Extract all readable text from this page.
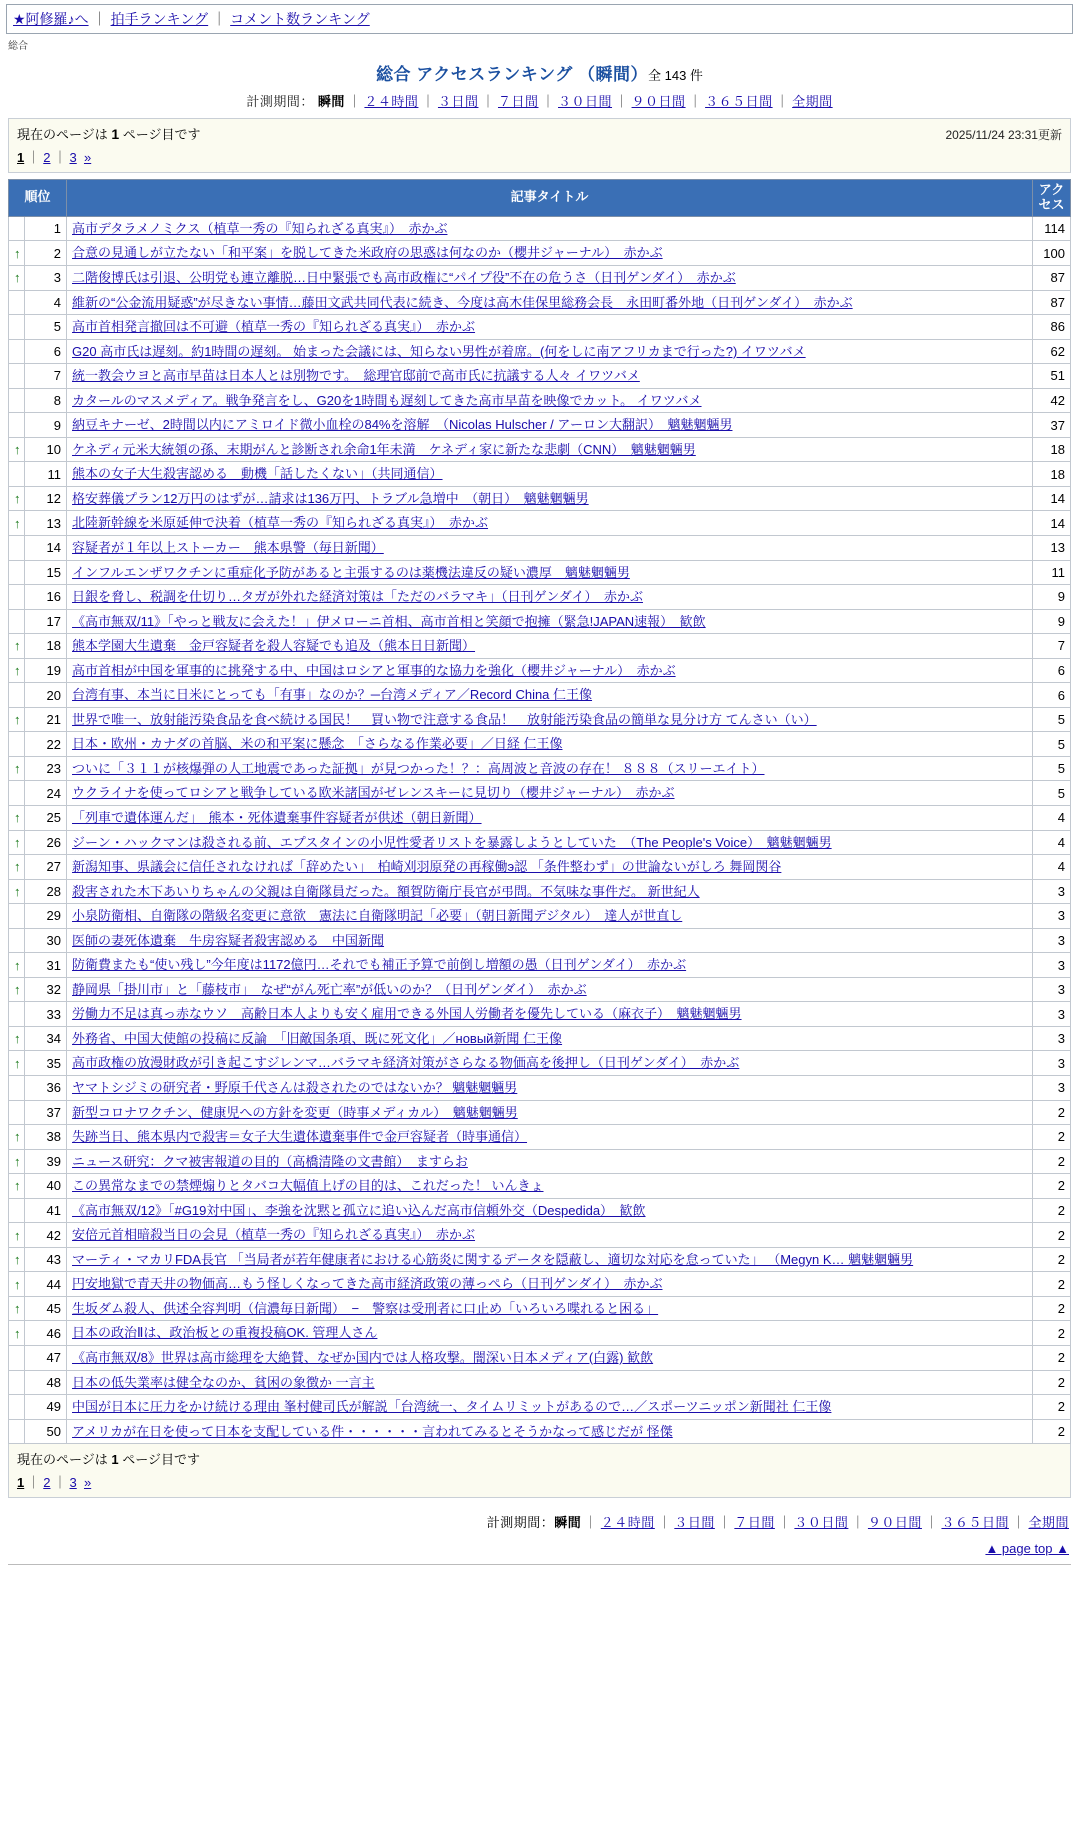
★阿修羅♪へ ｜ 拍手ランキング ｜ コメント数ランキング
総合
総合 アクセスランキング （瞬間）全 143 件
計測期間： 瞬間 ｜ ２４時間 ｜ ３日間 ｜ ７日間 ｜ ３０日間 ｜ ９０日間 ｜ ３６５日間 ｜ 全期間
現在のページは 1 ページ目です	2025/11/24 23:31更新
1 ｜ 2 ｜ 3 »
順位		記事タイトル	アクセス
	1	高市デタラメノミクス（植草一秀の『知られざる真実』）　赤かぶ	114
↑	2	合意の見通しが立たない「和平案」を脱してきた米政府の思惑は何なのか（櫻井ジャーナル）　赤かぶ	100
↑	3	二階俊博氏は引退、公明党も連立離脱…日中緊張でも高市政権に“パイプ役”不在の危うさ（日刊ゲンダイ）　赤かぶ	87
	4	維新の“公金流用疑惑”が尽きない事情…藤田文武共同代表に続き、今度は高木佳保里総務会長　永田町番外地（日刊ゲンダイ）　赤かぶ	87
	5	高市首相発言撤回は不可避（植草一秀の『知られざる真実』）　赤かぶ	86
	6	G20 高市氏は遅刻。約1時間の遅刻。 始まった会議には、知らない男性が着席。(何をしに南アフリカまで行った?) イワツバメ	62
	7	統一教会ウヨと高市早苗は日本人とは別物です。　総理官邸前で高市氏に抗議する人々 イワツバメ	51
	8	カタールのマスメディア。戦争発言をし、G20を1時間も遅刻してきた高市早苗を映像でカット。 イワツバメ	42
	9	納豆キナーゼ、2時間以内にアミロイド微小血栓の84%を溶解　（Nicolas Hulscher / アーロン大翻訳）　魑魅魍魎男	37
↑	10	ケネディ元米大統領の孫、末期がんと診断され余命1年未満　ケネディ家に新たな悲劇（CNN）　魑魅魍魎男	18
	11	熊本の女子大生殺害認める　動機「話したくない」（共同通信）	18
↑	12	格安葬儀プラン12万円のはずが…請求は136万円、トラブル急増中　（朝日）　魑魅魍魎男	14
↑	13	北陸新幹線を米原延伸で決着（植草一秀の『知られざる真実』）　赤かぶ	14
	14	容疑者が１年以上ストーカー　熊本県警（毎日新聞）	13
	15	インフルエンザワクチンに重症化予防があると主張するのは薬機法違反の疑い濃厚　魑魅魍魎男	11
	16	日銀を脅し、税調を仕切り…タガが外れた経済対策は「ただのバラマキ」（日刊ゲンダイ）　赤かぶ	9
	17	《高市無双/11》「やっと戦友に会えた！」伊メローニ首相、高市首相と笑顔で抱擁（緊急!JAPAN速報）　歓飲	9
↑	18	熊本学園大生遺棄　金戸容疑者を殺人容疑でも追及（熊本日日新聞）	7
↑	19	高市首相が中国を軍事的に挑発する中、中国はロシアと軍事的な協力を強化（櫻井ジャーナル）　赤かぶ	6
	20	台湾有事、本当に日米にとっても「有事」なのか？─台湾メディア／Record China 仁王像	6
↑	21	世界で唯一、放射能汚染食品を食べ続ける国民！　買い物で注意する食品！　放射能汚染食品の簡単な見分け方 てんさい（い）	5
	22	日本・欧州・カナダの首脳、米の和平案に懸念　「さらなる作業必要」／日経 仁王像	5
↑	23	ついに「３１１が核爆弾の人工地震であった証拠」が見つかった！？：高周波と音波の存在！ ８８８（スリーエイト）	5
	24	ウクライナを使ってロシアと戦争している欧米諸国がゼレンスキーに見切り（櫻井ジャーナル）　赤かぶ	5
↑	25	「列車で遺体運んだ」　熊本・死体遺棄事件容疑者が供述（朝日新聞）	4
↑	26	ジーン・ハックマンは殺される前、エプスタインの小児性愛者リストを暴露しようとしていた　（The People's Voice）　魑魅魍魎男	4
↑	27	新潟知事、県議会に信任されなければ「辞めたい」　柏崎刈羽原発の再稼働э認 「条件整わず」の世論ないがしろ 舞岡関谷	4
↑	28	殺害された木下あいりちゃんの父親は自衛隊員だった。額賀防衛庁長官が弔問。不気味な事件だ。 新世紀人	3
	29	小泉防衛相、自衛隊の階級名変更に意欲　憲法に自衛隊明記「必要」（朝日新聞デジタル）　達人が世直し	3
	30	医師の妻死体遺棄　牛房容疑者殺害認める　中国新聞	3
↑	31	防衛費またも“使い残し”今年度は1172億円…それでも補正予算で前倒し増額の愚（日刊ゲンダイ）　赤かぶ	3
↑	32	静岡県「掛川市」と「藤枝市」　なぜ“がん死亡率”が低いのか？（日刊ゲンダイ）　赤かぶ	3
	33	労働力不足は真っ赤なウソ　高齢日本人よりも安く雇用できる外国人労働者を優先している（麻衣子）　魑魅魍魎男	3
↑	34	外務省、中国大使館の投稿に反論　「旧敵国条項、既に死文化」／новый新聞 仁王像	3
↑	35	高市政権の放漫財政が引き起こすジレンマ…バラマキ経済対策がさらなる物価高を後押し（日刊ゲンダイ）　赤かぶ	3
	36	ヤマトシジミの研究者・野原千代さんは殺されたのではないか？ 魑魅魍魎男	3
	37	新型コロナワクチン、健康児への方針を変更（時事メディカル）　魑魅魍魎男	2
↑	38	失跡当日、熊本県内で殺害＝女子大生遺体遺棄事件で金戸容疑者（時事通信）	2
↑	39	ニュース研究：クマ被害報道の目的（高橋清隆の文書館）　ますらお	2
↑	40	この異常なまでの禁煙煽りとタバコ大幅值上げの目的は、これだった！ いんきょ	2
	41	《高市無双/12》「#G19対中国」、李強を沈黙と孤立に追い込んだ高市信頼外交（Despedida）　歓飲	2
↑	42	安倍元首相暗殺当日の会見（植草一秀の『知られざる真実』）　赤かぶ	2
↑	43	マーティ・マカリFDA長官 「当局者が若年健康者における心筋炎に関するデータを隠蔽し、適切な対応を怠っていた」 （Megyn K… 魑魅魍魎男	2
↑	44	円安地獄で青天井の物価高…もう怪しくなってきた高市経済政策の薄っぺら（日刊ゲンダイ）　赤かぶ	2
↑	45	生坂ダム殺人、供述全容判明（信濃毎日新聞）　−　警察は受刑者に口止め「いろいろ喋れると困る」	2
↑	46	日本の政治Ⅱは、政治板との重複投稿OK. 管理人さん	2
	47	《高市無双/8》世界は高市総理を大絶賛、なぜか国内では人格攻撃。闇深い日本メディア(白露) 歓飲	2
	48	日本の低失業率は健全なのか、貧困の象徴か 一言主	2
	49	中国が日本に圧力をかけ続ける理由 峯村健司氏が解説「台湾統一、タイムリミットがあるので…／スポーツニッポン新聞社 仁王像	2
	50	アメリカが在日を使って日本を支配している件・・・・・・言われてみるとそうかなって感じだが 怪傑	2
現在のページは 1 ページ目です
1 ｜ 2 ｜ 3 »
計測期間：瞬間 ｜ ２４時間 ｜ ３日間 ｜ ７日間 ｜ ３０日間 ｜ ９０日間 ｜ ３６５日間 ｜ 全期間
▲ page top ▲
